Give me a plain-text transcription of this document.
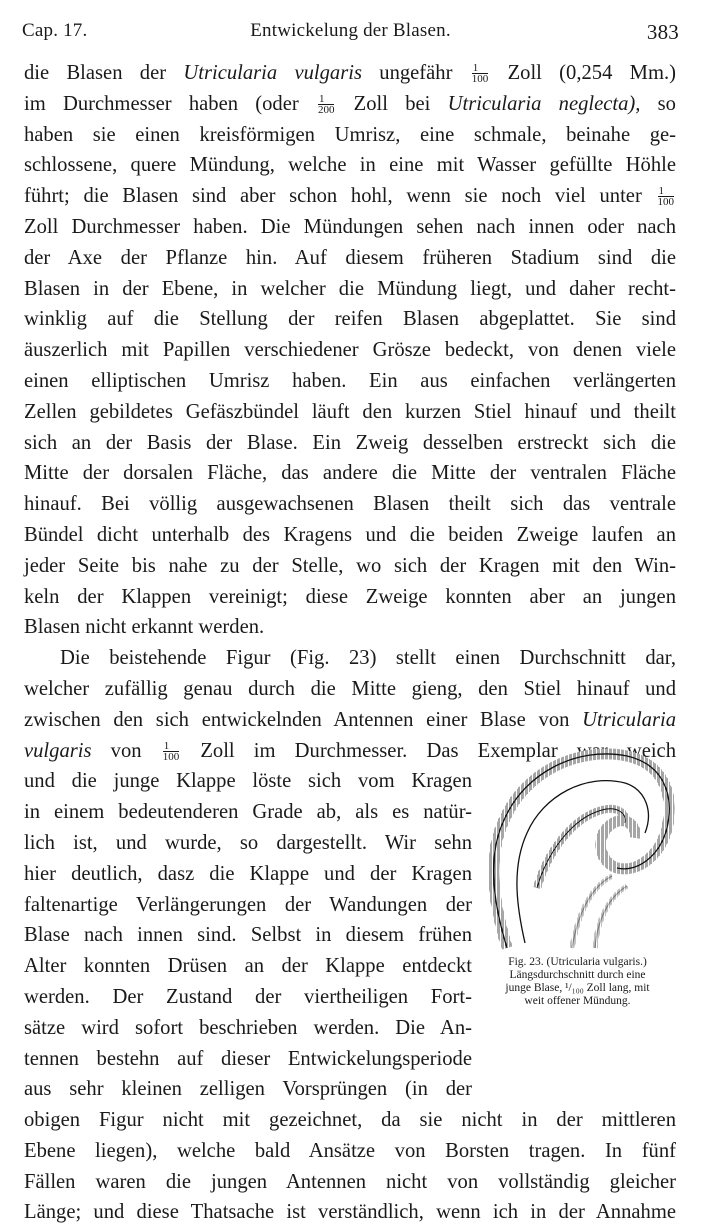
Cap. 17.	Entwickelung der Blasen.	383
die Blasen der Utricularia vulgaris ungefähr $\frac{1}{100}$ Zoll (0,254 Mm.)
im Durchmesser haben (oder $\frac{1}{200}$ Zoll bei Utricularia neglecta), so
haben sie einen kreisförmigen Umrisz, eine schmale, beinahe ge-
schlossene, quere Mündung, welche in eine mit Wasser gefüllte Höhle
führt; die Blasen sind aber schon hohl, wenn sie noch viel unter $\frac{1}{100}$
Zoll Durchmesser haben. Die Mündungen sehen nach innen oder nach
der Axe der Pflanze hin. Auf diesem früheren Stadium sind die
Blasen in der Ebene, in welcher die Mündung liegt, und daher recht-
winklig auf die Stellung der reifen Blasen abgeplattet. Sie sind
äuszerlich mit Papillen verschiedener Grösze bedeckt, von denen viele
einen elliptischen Umrisz haben. Ein aus einfachen verlängerten
Zellen gebildetes Gefäszbündel läuft den kurzen Stiel hinauf und theilt
sich an der Basis der Blase. Ein Zweig desselben erstreckt sich die
Mitte der dorsalen Fläche, das andere die Mitte der ventralen Fläche
hinauf. Bei völlig ausgewachsenen Blasen theilt sich das ventrale
Bündel dicht unterhalb des Kragens und die beiden Zweige laufen an
jeder Seite bis nahe zu der Stelle, wo sich der Kragen mit den Win-
keln der Klappen vereinigt; diese Zweige konnten aber an jungen
Blasen nicht erkannt werden.
Die beistehende Figur (Fig. 23) stellt einen Durchschnitt dar,
welcher zufällig genau durch die Mitte gieng, den Stiel hinauf und
zwischen den sich entwickelnden Antennen einer Blase von Utricularia
vulgaris von $\frac{1}{100}$ Zoll im Durchmesser. Das Exemplar war weich
und die junge Klappe löste sich vom Kragen
in einem bedeutenderen Grade ab, als es natür-
lich ist, und wurde, so dargestellt. Wir sehn
hier deutlich, dasz die Klappe und der Kragen
faltenartige Verlängerungen der Wandungen der
Blase nach innen sind. Selbst in diesem frühen
Alter konnten Drüsen an der Klappe entdeckt
werden. Der Zustand der viertheiligen Fort-
sätze wird sofort beschrieben werden. Die An-
tennen bestehn auf dieser Entwickelungsperiode
aus sehr kleinen zelligen Vorsprüngen (in der
obigen Figur nicht mit gezeichnet, da sie nicht in der mittleren
Ebene liegen), welche bald Ansätze von Borsten tragen. In fünf
Fällen waren die jungen Antennen nicht von vollständig gleicher
Länge; und diese Thatsache ist verständlich, wenn ich in der Annahme
Fig. 23. (Utricularia vulgaris.)
Längsdurchschnitt durch eine
junge Blase, ¹/₁₀₀ Zoll lang, mit
weit offener Mündung.
